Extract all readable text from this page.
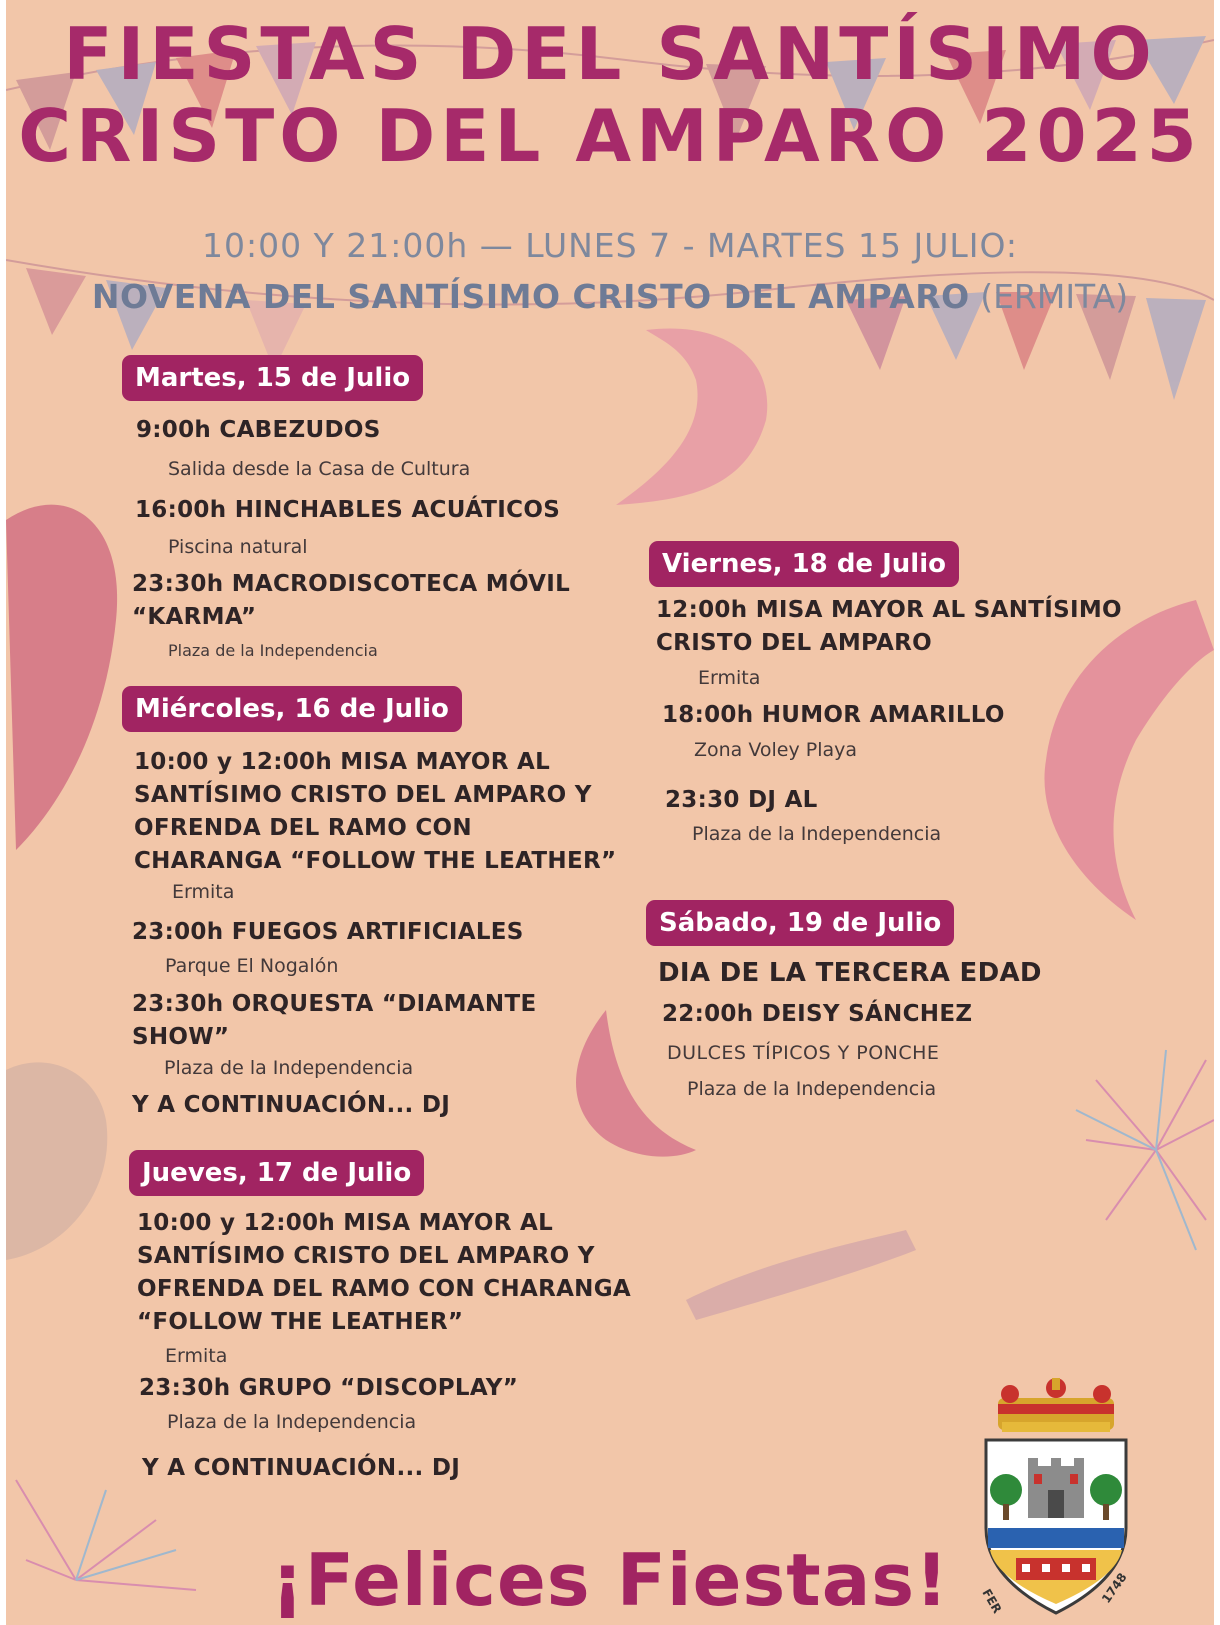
FIESTAS DEL SANTÍSIMO
CRISTO DEL AMPARO 2025
10:00 Y 21:00h — LUNES 7 - MARTES 15 JULIO:
NOVENA DEL SANTÍSIMO CRISTO DEL AMPARO (ERMITA)
Martes, 15 de Julio
9:00h CABEZUDOS
Salida desde la Casa de Cultura
16:00h HINCHABLES ACUÁTICOS
Piscina natural
23:30h MACRODISCOTECA MÓVIL
“KARMA”
Plaza de la Independencia
Miércoles, 16 de Julio
10:00 y 12:00h MISA MAYOR AL
SANTÍSIMO CRISTO DEL AMPARO Y
OFRENDA DEL RAMO CON
CHARANGA “FOLLOW THE LEATHER”
Ermita
23:00h FUEGOS ARTIFICIALES
Parque El Nogalón
23:30h ORQUESTA “DIAMANTE
SHOW”
Plaza de la Independencia
Y A CONTINUACIÓN... DJ
Jueves, 17 de Julio
10:00 y 12:00h MISA MAYOR AL
SANTÍSIMO CRISTO DEL AMPARO Y
OFRENDA DEL RAMO CON CHARANGA
“FOLLOW THE LEATHER”
Ermita
23:30h GRUPO “DISCOPLAY”
Plaza de la Independencia
Y A CONTINUACIÓN... DJ
Viernes, 18 de Julio
12:00h MISA MAYOR AL SANTÍSIMO
CRISTO DEL AMPARO
Ermita
18:00h HUMOR AMARILLO
Zona Voley Playa
23:30 DJ AL
Plaza de la Independencia
Sábado, 19 de Julio
DIA DE LA TERCERA EDAD
22:00h DEISY SÁNCHEZ
DULCES TÍPICOS Y PONCHE
Plaza de la Independencia
¡Felices Fiestas!	FER	1748
